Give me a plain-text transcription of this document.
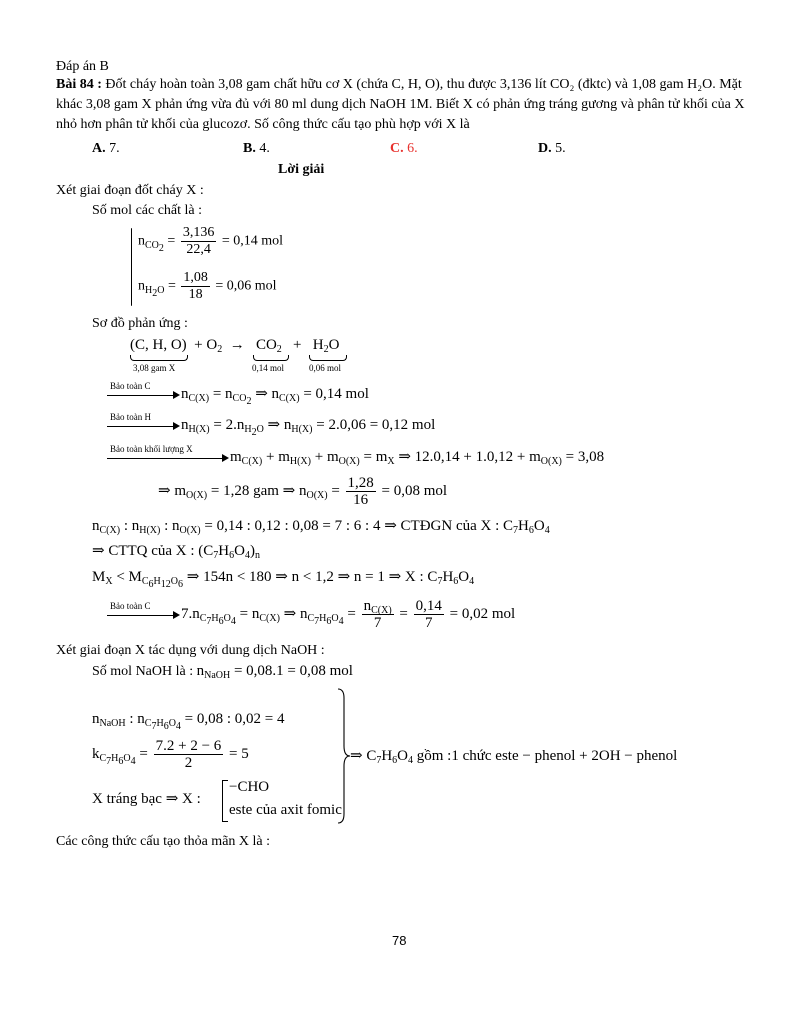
Đáp án B
Bài 84 : Đốt cháy hoàn toàn 3,08 gam chất hữu cơ X (chứa C, H, O), thu được 3,136 lít CO₂ (đktc) và 1,08 gam H₂O. Mặt khác 3,08 gam X phản ứng vừa đủ với 80 ml dung dịch NaOH 1M. Biết X có phản ứng tráng gương và phân tử khối của X nhỏ hơn phân tử khối của glucozơ. Số công thức cấu tạo phù hợp với X là
A. 7.	B. 4.	C. 6.	D. 5.
Lời giải
Xét giai đoạn đốt cháy X :
Số mol các chất là :
$n_{CO_2} = \frac{3,136}{22,4} = 0,14$ mol
$n_{H_2O} = \frac{1,08}{18} = 0,06$ mol
Sơ đồ phản ứng :
(C, H, $O) + O_2 \to CO_2 + H_2O$
3,08 gam X	0,14 mol	0,06 mol
Bảo toàn C $n_{C(X)} = n_{CO_2}$ ⇒ $n_{C(X)} = 0,14$ mol
Bảo toàn H $n_{H(X)} = 2.n_{H_2O}$ ⇒ $n_{H(X)} = 2.0,06 = 0,12$ mol
Bảo toàn khối lượng X $m_{C(X)} + m_{H(X)} + m_{O(X)} = m_X$ ⇒ $12.0,14 + 1.0,12 + m_{O(X)} = 3,08$
⇒ $m_{O(X)} = 1,28$ gam ⇒ $n_{O(X)} = \frac{1,28}{16} = 0,08$ mol
$n_{C(X)}$ : $n_{H(X)}$ : $n_{O(X)} = 0,14$ : 0,12 : 0,08 = 7 : 6 : 4 ⇒ CTĐGN của X : $C_7H_6O_4$
⇒ CTTQ của X : $(C_7H_6O_4)_n$
$M_X < M_{C_6H_{12}O_6}$ ⇒ 154n < 180 ⇒ n < 1,2 ⇒ n = 1 ⇒ X : $C_7H_6O_4$
Bảo toàn C $7.n_{C_7H_6O_4} = n_{C(X)}$ ⇒ $n_{C_7H_6O_4} = \frac{n_{C(X)}}{7} = \frac{0,14}{7} = 0,02$ mol
Xét giai đoạn X tác dụng với dung dịch NaOH :
Số mol NaOH là : $n_{NaOH} = 0,08.1 = 0,08$ mol
$n_{NaOH}$ : $n_{C_7H_6O_4} = 0,08$ : 0,02 = 4
$k_{C_7H_6O_4} = \frac{7.2 + 2 - 6}{2} = 5$
X tráng bạc ⇒ X :
−CHO
este của axit fomic
⇒ $C_7H_6O_4$ gồm :1 chức este − phenol + 2OH − phenol
Các công thức cấu tạo thỏa mãn X là :
78
